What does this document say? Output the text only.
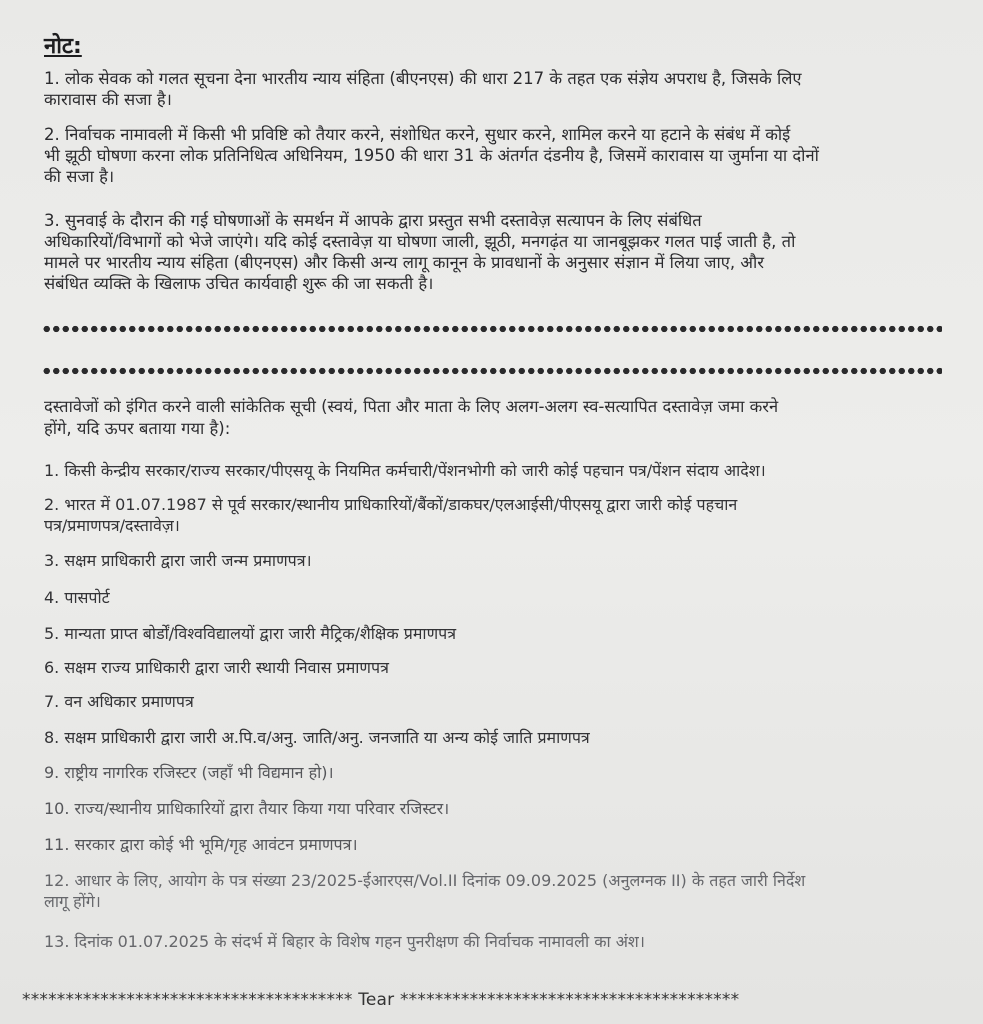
नोट:
1. लोक सेवक को गलत सूचना देना भारतीय न्याय संहिता (बीएनएस) की धारा 217 के तहत एक संज्ञेय अपराध है, जिसके लिए
कारावास की सजा है।
2. निर्वाचक नामावली में किसी भी प्रविष्टि को तैयार करने, संशोधित करने, सुधार करने, शामिल करने या हटाने के संबंध में कोई
भी झूठी घोषणा करना लोक प्रतिनिधित्व अधिनियम, 1950 की धारा 31 के अंतर्गत दंडनीय है, जिसमें कारावास या जुर्माना या दोनों
की सजा है।
3. सुनवाई के दौरान की गई घोषणाओं के समर्थन में आपके द्वारा प्रस्तुत सभी दस्तावेज़ सत्यापन के लिए संबंधित
अधिकारियों/विभागों को भेजे जाएंगे। यदि कोई दस्तावेज़ या घोषणा जाली, झूठी, मनगढ़ंत या जानबूझकर गलत पाई जाती है, तो
मामले पर भारतीय न्याय संहिता (बीएनएस) और किसी अन्य लागू कानून के प्रावधानों के अनुसार संज्ञान में लिया जाए, और
संबंधित व्यक्ति के खिलाफ उचित कार्यवाही शुरू की जा सकती है।
दस्तावेजों को इंगित करने वाली सांकेतिक सूची (स्वयं, पिता और माता के लिए अलग-अलग स्व-सत्यापित दस्तावेज़ जमा करने
होंगे, यदि ऊपर बताया गया है):
1. किसी केन्द्रीय सरकार/राज्य सरकार/पीएसयू के नियमित कर्मचारी/पेंशनभोगी को जारी कोई पहचान पत्र/पेंशन संदाय आदेश।
2. भारत में 01.07.1987 से पूर्व सरकार/स्थानीय प्राधिकारियों/बैंकों/डाकघर/एलआईसी/पीएसयू द्वारा जारी कोई पहचान
पत्र/प्रमाणपत्र/दस्तावेज़।
3. सक्षम प्राधिकारी द्वारा जारी जन्म प्रमाणपत्र।
4. पासपोर्ट
5. मान्यता प्राप्त बोर्डों/विश्वविद्यालयों द्वारा जारी मैट्रिक/शैक्षिक प्रमाणपत्र
6. सक्षम राज्य प्राधिकारी द्वारा जारी स्थायी निवास प्रमाणपत्र
7. वन अधिकार प्रमाणपत्र
8. सक्षम प्राधिकारी द्वारा जारी अ.पि.व/अनु. जाति/अनु. जनजाति या अन्य कोई जाति प्रमाणपत्र
9. राष्ट्रीय नागरिक रजिस्टर (जहाँ भी विद्यमान हो)।
10. राज्य/स्थानीय प्राधिकारियों द्वारा तैयार किया गया परिवार रजिस्टर।
11. सरकार द्वारा कोई भी भूमि/गृह आवंटन प्रमाणपत्र।
12. आधार के लिए, आयोग के पत्र संख्या 23/2025-ईआरएस/Vol.II दिनांक 09.09.2025 (अनुलग्नक II) के तहत जारी निर्देश
लागू होंगे।
13. दिनांक 01.07.2025 के संदर्भ में बिहार के विशेष गहन पुनरीक्षण की निर्वाचक नामावली का अंश।
************************************** Tear ***************************************
